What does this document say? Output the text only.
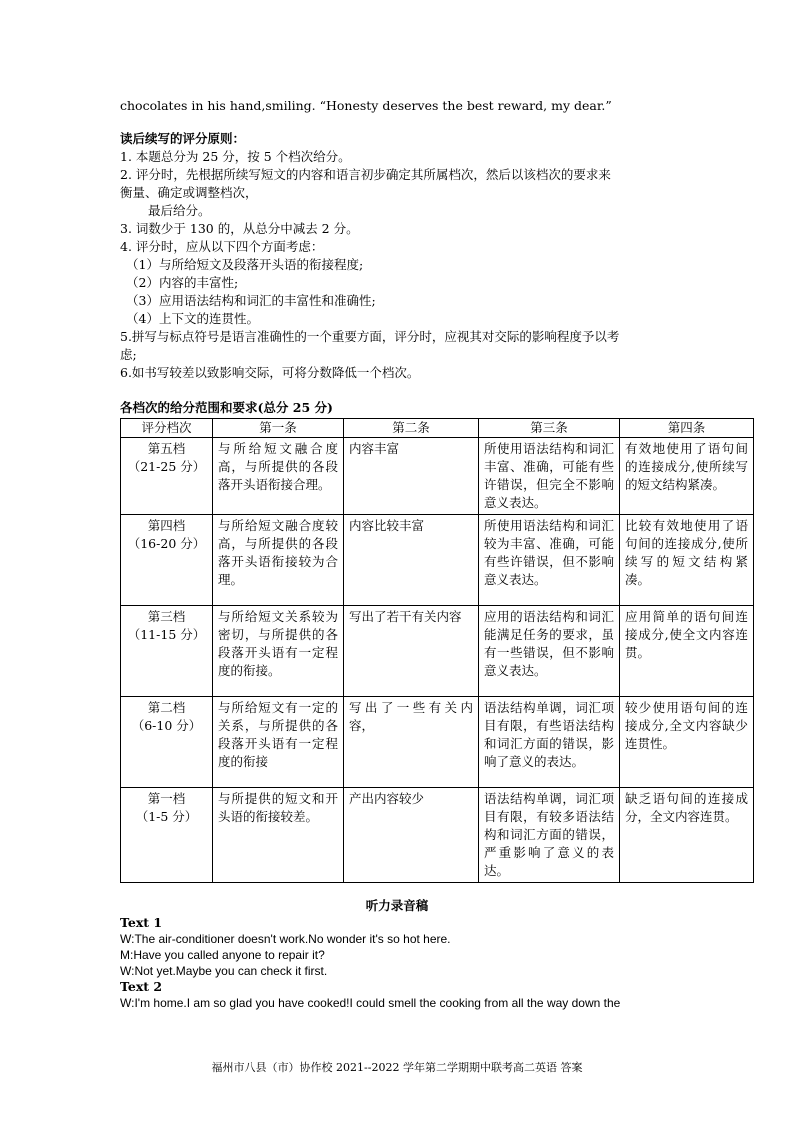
chocolates in his hand,smiling. “Honesty deserves the best reward, my dear.”
读后续写的评分原则：
1. 本题总分为 25 分，按 5 个档次给分。
2. 评分时，先根据所续写短文的内容和语言初步确定其所属档次，然后以该档次的要求来
衡量、确定或调整档次，
最后给分。
3. 词数少于 130 的，从总分中减去 2 分。
4. 评分时，应从以下四个方面考虑：
（1）与所给短文及段落开头语的衔接程度;
（2）内容的丰富性;
（3）应用语法结构和词汇的丰富性和准确性;
（4）上下文的连贯性。
5.拼写与标点符号是语言准确性的一个重要方面，评分时，应视其对交际的影响程度予以考
虑;
6.如书写较差以致影响交际，可将分数降低一个档次。
各档次的给分范围和要求(总分 25 分)
评分档次	第一条	第二条	第三条	第四条

第五档
（21-25 分）	与所给短文融合度高，与所提供的各段落开头语衔接合理。	内容丰富	所使用语法结构和词汇丰富、准确，可能有些许错误，但完全不影响意义表达。	有效地使用了语句间的连接成分,使所续写的短文结构紧凑。

第四档
（16-20 分）	与所给短文融合度较高，与所提供的各段落开头语衔接较为合理。	内容比较丰富	所使用语法结构和词汇较为丰富、准确，可能有些许错误，但不影响意义表达。	比较有效地使用了语句间的连接成分,使所续写的短文结构紧凑。

第三档
（11-15 分）	与所给短文关系较为密切，与所提供的各段落开头语有一定程度的衔接。	写出了若干有关内容	应用的语法结构和词汇能满足任务的要求，虽有一些错误，但不影响意义表达。	应用简单的语句间连接成分,使全文内容连贯。

第二档
（6-10 分）	与所给短文有一定的关系，与所提供的各段落开头语有一定程度的衔接	写出了一些有关内容，	语法结构单调，词汇项目有限，有些语法结构和词汇方面的错误，影响了意义的表达。	较少使用语句间的连接成分,全文内容缺少连贯性。

第一档
（1-5 分）	与所提供的短文和开头语的衔接较差。	产出内容较少	语法结构单调，词汇项目有限，有较多语法结构和词汇方面的错误，严重影响了意义的表达。	缺乏语句间的连接成分，全文内容连贯。
听力录音稿
Text 1
W:The air-conditioner doesn't work.No wonder it's so hot here.
M:Have you called anyone to repair it?
W:Not yet.Maybe you can check it first.
Text 2
W:I'm home.I am so glad you have cooked!I could smell the cooking from all the way down the
福州市八县（市）协作校 2021--2022 学年第二学期期中联考高二英语 答案
